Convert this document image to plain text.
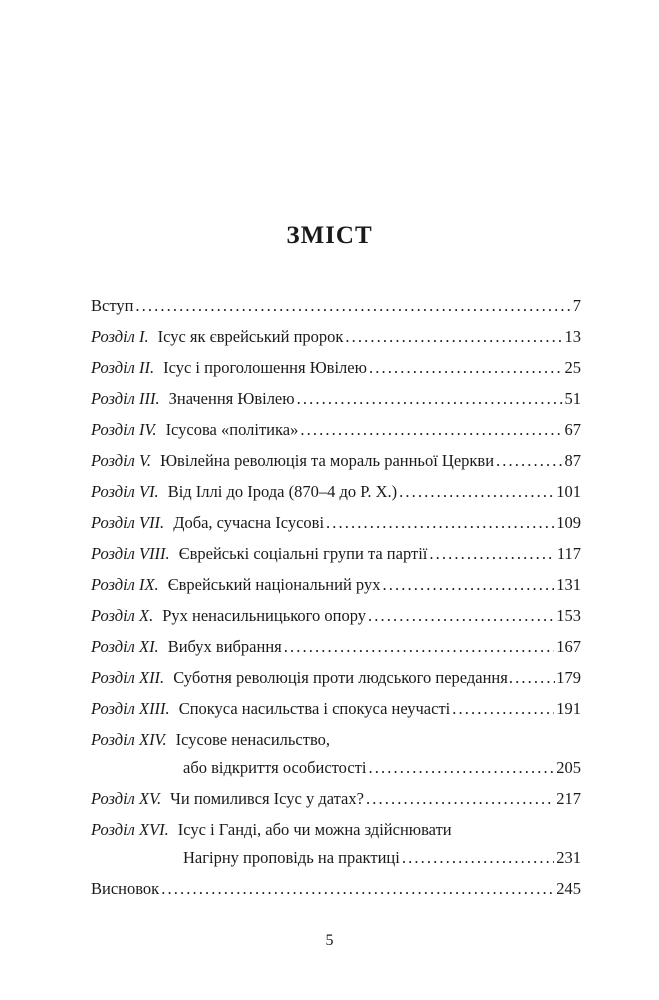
ЗМІСТ
Вступ . . .	7
Розділ I. Ісус як єврейський пророк . . .	13
Розділ II. Ісус і проголошення Ювілею . . .	25
Розділ III. Значення Ювілею . . .	51
Розділ IV. Ісусова «політика» . . .	67
Розділ V. Ювілейна революція та мораль ранньої Церкви . . .	87
Розділ VI. Від Іллі до Ірода (870–4 до Р. Х.) . . .	101
Розділ VII. Доба, сучасна Ісусові . . .	109
Розділ VIII. Єврейські соціальні групи та партії . . .	117
Розділ IX. Єврейський національний рух . . .	131
Розділ X. Рух ненасильницького опору . . .	153
Розділ XI. Вибух вибрання . . .	167
Розділ XII. Суботня революція проти людського передання . . .	179
Розділ XIII. Спокуса насильства і спокуса неучасті . . .	191
Розділ XIV. Ісусове ненасильство,
або відкриття особистості . . .	205
Розділ XV. Чи помилився Ісус у датах? . . .	217
Розділ XVI. Ісус і Ганді, або чи можна здійснювати
Нагірну проповідь на практиці . . .	231
Висновок . . .	245
5
